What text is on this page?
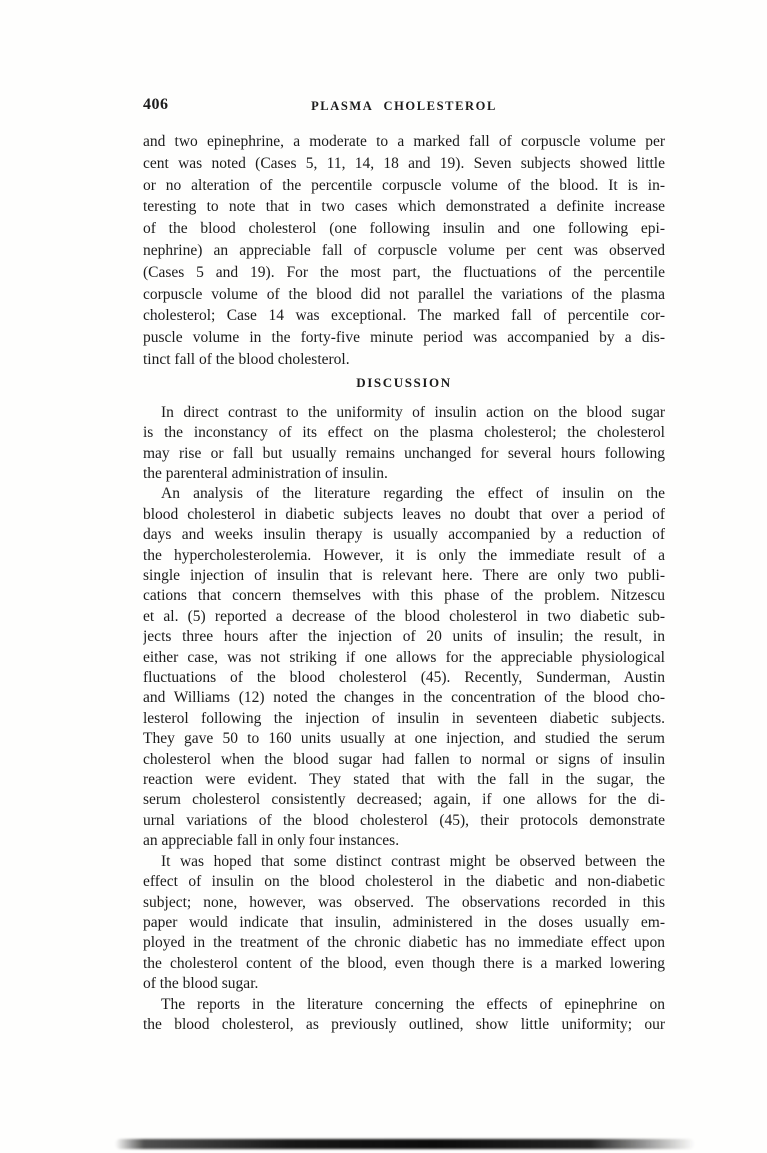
406	PLASMA CHOLESTEROL
and two epinephrine, a moderate to a marked fall of corpuscle volume per
cent was noted (Cases 5, 11, 14, 18 and 19). Seven subjects showed little
or no alteration of the percentile corpuscle volume of the blood. It is in-
teresting to note that in two cases which demonstrated a definite increase
of the blood cholesterol (one following insulin and one following epi-
nephrine) an appreciable fall of corpuscle volume per cent was observed
(Cases 5 and 19). For the most part, the fluctuations of the percentile
corpuscle volume of the blood did not parallel the variations of the plasma
cholesterol; Case 14 was exceptional. The marked fall of percentile cor-
puscle volume in the forty-five minute period was accompanied by a dis-
tinct fall of the blood cholesterol.
DISCUSSION
In direct contrast to the uniformity of insulin action on the blood sugar
is the inconstancy of its effect on the plasma cholesterol; the cholesterol
may rise or fall but usually remains unchanged for several hours following
the parenteral administration of insulin.
An analysis of the literature regarding the effect of insulin on the
blood cholesterol in diabetic subjects leaves no doubt that over a period of
days and weeks insulin therapy is usually accompanied by a reduction of
the hypercholesterolemia. However, it is only the immediate result of a
single injection of insulin that is relevant here. There are only two publi-
cations that concern themselves with this phase of the problem. Nitzescu
et al. (5) reported a decrease of the blood cholesterol in two diabetic sub-
jects three hours after the injection of 20 units of insulin; the result, in
either case, was not striking if one allows for the appreciable physiological
fluctuations of the blood cholesterol (45). Recently, Sunderman, Austin
and Williams (12) noted the changes in the concentration of the blood cho-
lesterol following the injection of insulin in seventeen diabetic subjects.
They gave 50 to 160 units usually at one injection, and studied the serum
cholesterol when the blood sugar had fallen to normal or signs of insulin
reaction were evident. They stated that with the fall in the sugar, the
serum cholesterol consistently decreased; again, if one allows for the di-
urnal variations of the blood cholesterol (45), their protocols demonstrate
an appreciable fall in only four instances.
It was hoped that some distinct contrast might be observed between the
effect of insulin on the blood cholesterol in the diabetic and non-diabetic
subject; none, however, was observed. The observations recorded in this
paper would indicate that insulin, administered in the doses usually em-
ployed in the treatment of the chronic diabetic has no immediate effect upon
the cholesterol content of the blood, even though there is a marked lowering
of the blood sugar.
The reports in the literature concerning the effects of epinephrine on
the blood cholesterol, as previously outlined, show little uniformity; our
